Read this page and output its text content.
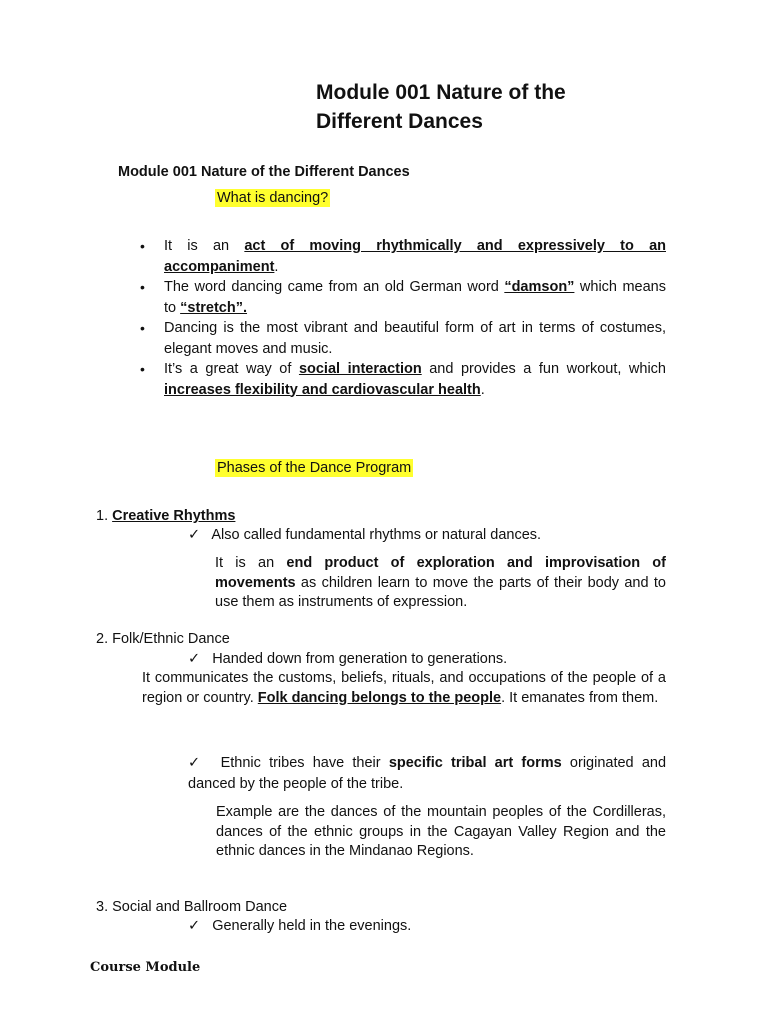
Module 001 Nature of the
Different Dances
Module 001 Nature of the Different Dances
What is dancing?
• It is an act of moving rhythmically and expressively to an accompaniment.
• The word dancing came from an old German word “damson” which means to “stretch”.
• Dancing is the most vibrant and beautiful form of art in terms of costumes, elegant moves and music.
• It’s a great way of social interaction and provides a fun workout, which increases flexibility and cardiovascular health.
Phases of the Dance Program
1. Creative Rhythms
✓ Also called fundamental rhythms or natural dances.
It is an end product of exploration and improvisation of movements as children learn to move the parts of their body and to use them as instruments of expression.
2. Folk/Ethnic Dance
✓ Handed down from generation to generations.
It communicates the customs, beliefs, rituals, and occupations of the people of a region or country. Folk dancing belongs to the people. It emanates from them.
✓ Ethnic tribes have their specific tribal art forms originated and danced by the people of the tribe.
Example are the dances of the mountain peoples of the Cordilleras, dances of the ethnic groups in the Cagayan Valley Region and the ethnic dances in the Mindanao Regions.
3. Social and Ballroom Dance
✓ Generally held in the evenings.
Course Module
